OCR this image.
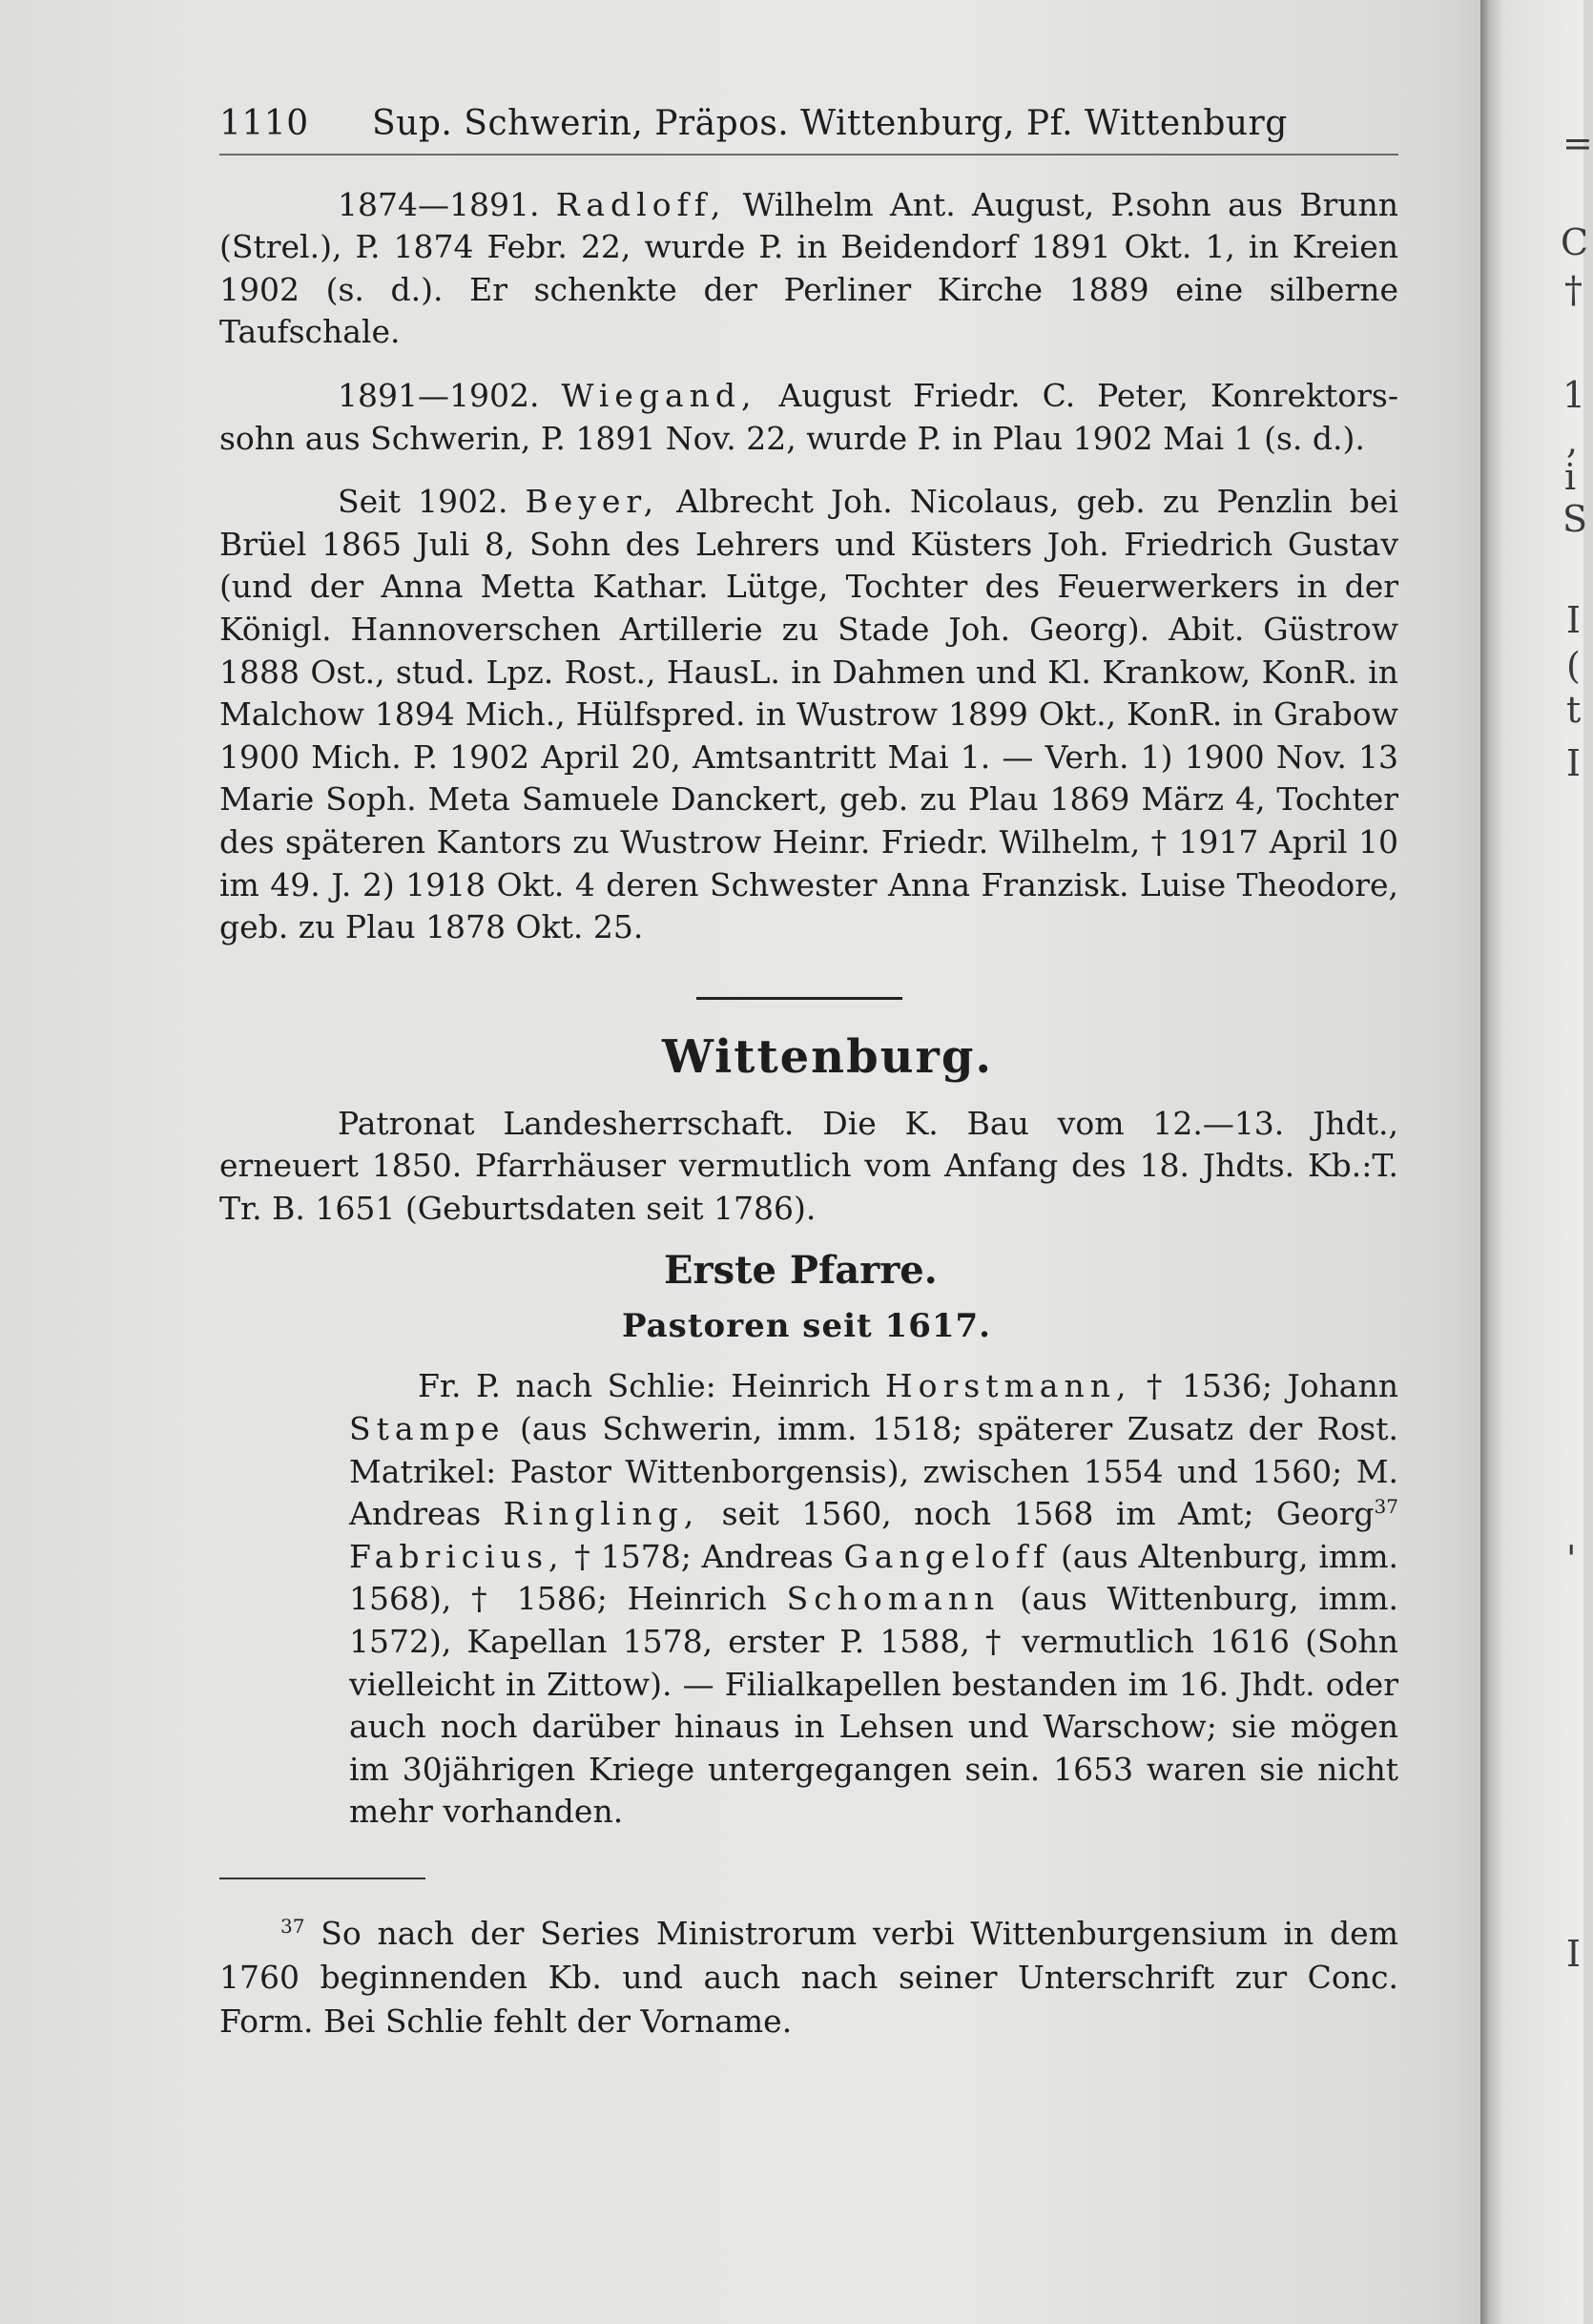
1110	Sup. Schwerin, Präpos. Wittenburg, Pf. Wittenburg

1874—1891. Radloff, Wilhelm Ant. August, P.sohn aus Brunn (Strel.), P. 1874 Febr. 22, wurde P. in Beidendorf 1891 Okt. 1, in Kreien 1902 (s. d.). Er schenkte der Perliner Kirche 1889 eine silberne Taufschale.

1891—1902. Wiegand, August Friedr. C. Peter, Konrektors-sohn aus Schwerin, P. 1891 Nov. 22, wurde P. in Plau 1902 Mai 1 (s. d.).

Seit 1902. Beyer, Albrecht Joh. Nicolaus, geb. zu Penzlin bei Brüel 1865 Juli 8, Sohn des Lehrers und Küsters Joh. Friedrich Gustav (und der Anna Metta Kathar. Lütge, Tochter des Feuerwerkers in der Königl. Hannoverschen Artillerie zu Stade Joh. Georg). Abit. Güstrow 1888 Ost., stud. Lpz. Rost., HausL. in Dahmen und Kl. Krankow, KonR. in Malchow 1894 Mich., Hülfspred. in Wustrow 1899 Okt., KonR. in Grabow 1900 Mich. P. 1902 April 20, Amtsantritt Mai 1. — Verh. 1) 1900 Nov. 13 Marie Soph. Meta Samuele Danckert, geb. zu Plau 1869 März 4, Tochter des späteren Kantors zu Wustrow Heinr. Friedr. Wilhelm, † 1917 April 10 im 49. J. 2) 1918 Okt. 4 deren Schwester Anna Franzisk. Luise Theodore, geb. zu Plau 1878 Okt. 25.

Wittenburg.

Patronat Landesherrschaft. Die K. Bau vom 12.—13. Jhdt., erneuert 1850. Pfarrhäuser vermutlich vom Anfang des 18. Jhdts. Kb.:T. Tr. B. 1651 (Geburtsdaten seit 1786).

Erste Pfarre.
Pastoren seit 1617.

Fr. P. nach Schlie: Heinrich Horstmann, † 1536; Johann Stampe (aus Schwerin, imm. 1518; späterer Zusatz der Rost. Matrikel: Pastor Wittenborgensis), zwischen 1554 und 1560; M. Andreas Ringling, seit 1560, noch 1568 im Amt; Georg$^{37}$ Fabricius, † 1578; Andreas Gangeloff (aus Altenburg, imm. 1568), † 1586; Heinrich Schomann (aus Wittenburg, imm. 1572), Kapellan 1578, erster P. 1588, † vermutlich 1616 (Sohn vielleicht in Zittow). — Filialkapellen bestanden im 16. Jhdt. oder auch noch darüber hinaus in Lehsen und Warschow; sie mögen im 30jährigen Kriege untergegangen sein. 1653 waren sie nicht mehr vorhanden.

$^{37}$ So nach der Series Ministrorum verbi Wittenburgensium in dem 1760 beginnenden Kb. und auch nach seiner Unterschrift zur Conc. Form. Bei Schlie fehlt der Vorname.

=
C
†
1
,
i
S
I
(
t
I
'
I
